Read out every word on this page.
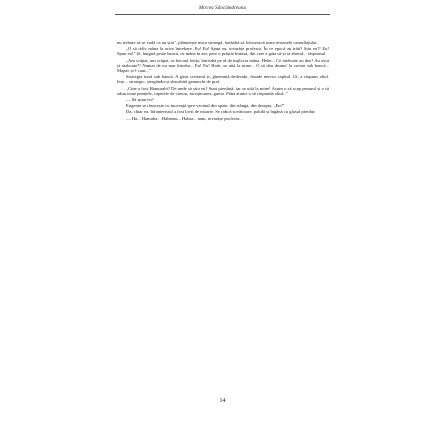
Mircea Săncămdreanu

nu trebuie să se vadă ca nu știu", plănuiește mica strategă, hotărâtă să folosească toate resursele camuflajului.

„O să ridic mâna la orice întrebare. Eu! Eu! Spun eu, tovarășe profesor. În ce epocă au trăit? Știu eu?! Eu! Spun eu!" Și, lungită peste bancă, cu mâna în aer, pare o prăștie întinsă, din care e gata să-și ia zborul... răspunsul.

„Am scăpat, am scăpat, se bucură fetița, întreabă pe al de mijlocia mâna. Hehe... Ce războaie au dus? Au avut și războaie?! Numai de nu mar întreba... Eu! Eu! Haiti, se uită la mine... O să dau drumu' la creion sub bancă... Mapăc și-l caut..."

Strategia intră sub bancă. A găsit creionul și, ghemuită dedesubt, frunde nervos capitul. Uf, a răspuns altul. Ieșe... strategic, ștergându-și absorbită genunchi de praf.

„Cine a fost Hamurabi? De unde să știu eu? Sunt pierdută, iar se uită la mine! Acum o să scap penarul și o să adun toate penițele, capetele de creion, ascuțitoarea, guma. Până atunci o să răspundă altul..."

— Să spun eu?

Eugenia se răsucește cu inocență spre vecinul din spate, din stânga, din dreapta. „Eu?"

Da, chiar ea. Infanteristul a fost lovit de moarte. Se ridică sovăitoare, palidă și îngână cu glasul pierdut:

— Ha... Hamuba... Habamu... Habar... nam, tovarășe profesor...

14
